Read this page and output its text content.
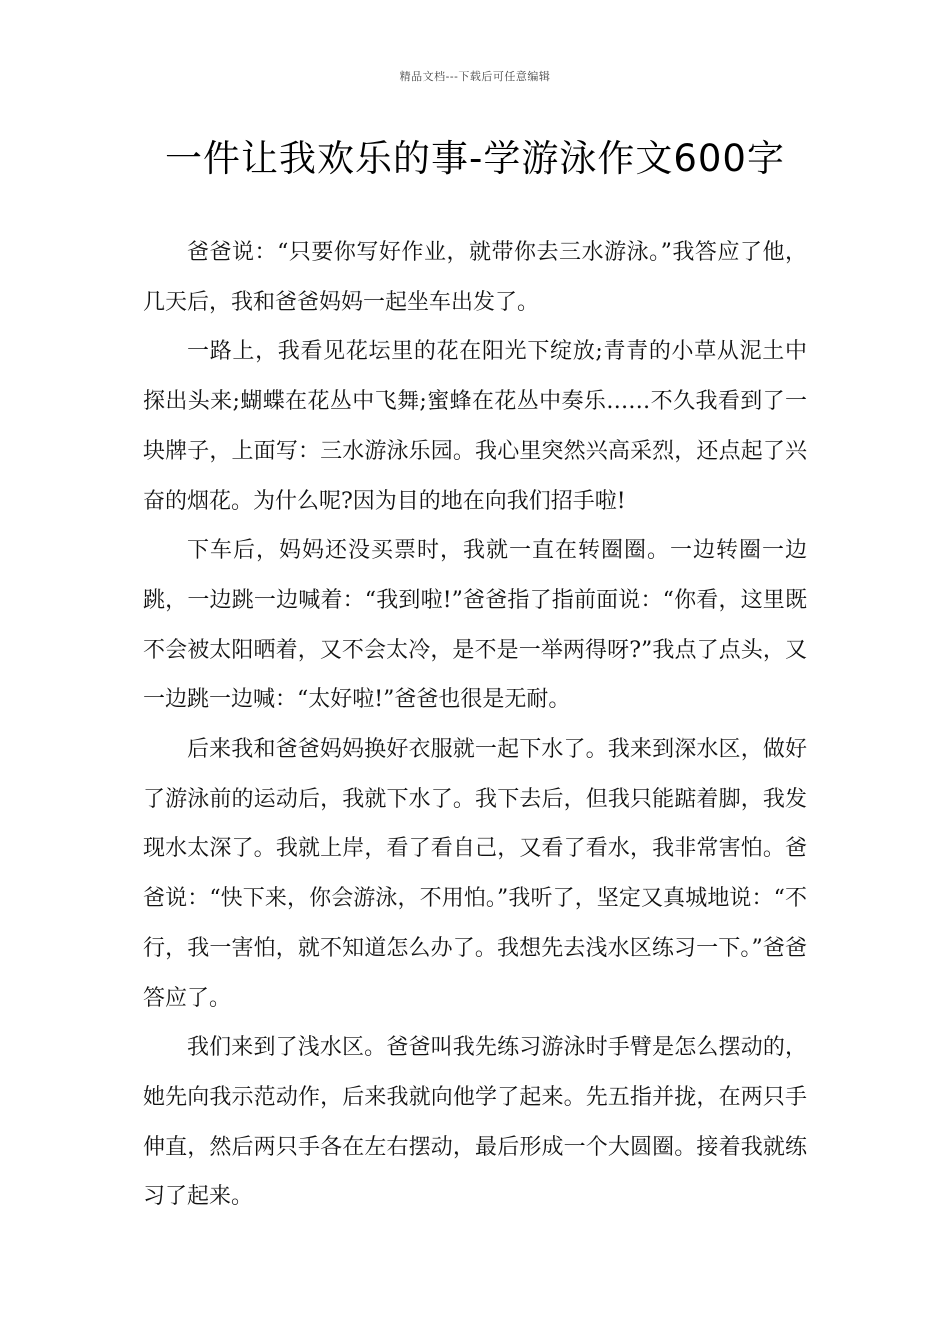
精品文档---下载后可任意编辑
一件让我欢乐的事-学游泳作文600字

爸爸说：“只要你写好作业，就带你去三水游泳。”我答应了他，几天后，我和爸爸妈妈一起坐车出发了。

一路上，我看见花坛里的花在阳光下绽放;青青的小草从泥土中探出头来;蝴蝶在花丛中飞舞;蜜蜂在花丛中奏乐……不久我看到了一块牌子，上面写：三水游泳乐园。我心里突然兴高采烈，还点起了兴奋的烟花。为什么呢?因为目的地在向我们招手啦!

下车后，妈妈还没买票时，我就一直在转圈圈。一边转圈一边跳，一边跳一边喊着：“我到啦!”爸爸指了指前面说：“你看，这里既不会被太阳晒着，又不会太冷，是不是一举两得呀?”我点了点头，又一边跳一边喊：“太好啦!”爸爸也很是无耐。

后来我和爸爸妈妈换好衣服就一起下水了。我来到深水区，做好了游泳前的运动后，我就下水了。我下去后，但我只能踮着脚，我发现水太深了。我就上岸，看了看自己，又看了看水，我非常害怕。爸爸说：“快下来，你会游泳，不用怕。”我听了，坚定又真城地说：“不行，我一害怕，就不知道怎么办了。我想先去浅水区练习一下。”爸爸答应了。

我们来到了浅水区。爸爸叫我先练习游泳时手臂是怎么摆动的，她先向我示范动作，后来我就向他学了起来。先五指并拢，在两只手伸直，然后两只手各在左右摆动，最后形成一个大圆圈。接着我就练习了起来。
